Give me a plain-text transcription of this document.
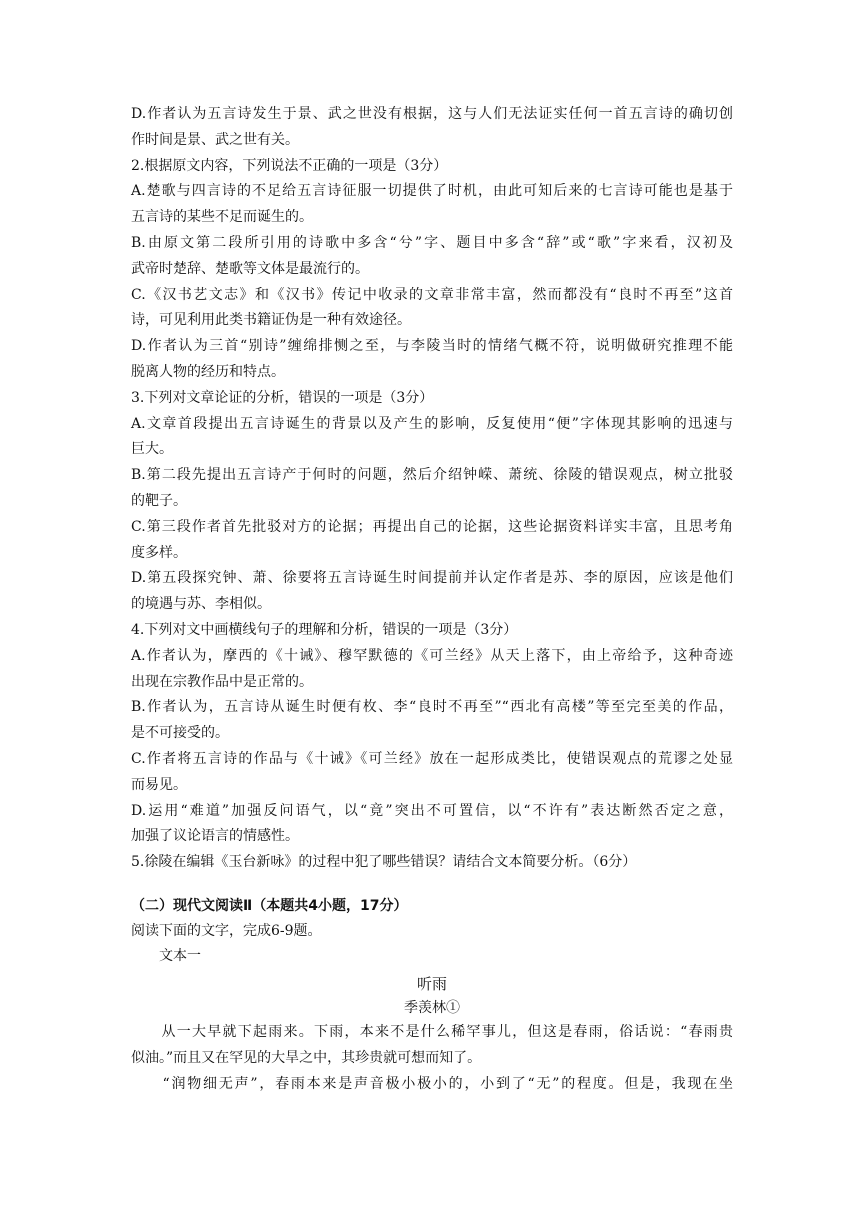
D.作者认为五言诗发生于景、武之世没有根据，这与人们无法证实任何一首五言诗的确切创
作时间是景、武之世有关。
2.根据原文内容，下列说法不正确的一项是（3分）
A.楚歌与四言诗的不足给五言诗征服一切提供了时机，由此可知后来的七言诗可能也是基于
五言诗的某些不足而诞生的。
B.由原文第二段所引用的诗歌中多含“兮”字、题目中多含“辞”或“歌”字来看，汉初及
武帝时楚辞、楚歌等文体是最流行的。
C.《汉书艺文志》和《汉书》传记中收录的文章非常丰富，然而都没有“良时不再至”这首
诗，可见利用此类书籍证伪是一种有效途径。
D.作者认为三首“别诗”缠绵排恻之至，与李陵当时的情绪气概不符，说明做研究推理不能
脱离人物的经历和特点。
3.下列对文章论证的分析，错误的一项是（3分）
A.文章首段提出五言诗诞生的背景以及产生的影响，反复使用“便”字体现其影响的迅速与
巨大。
B.第二段先提出五言诗产于何时的问题，然后介绍钟嵘、萧统、徐陵的错误观点，树立批驳
的靶子。
C.第三段作者首先批驳对方的论据；再提出自己的论据，这些论据资料详实丰富，且思考角
度多样。
D.第五段探究钟、萧、徐要将五言诗诞生时间提前并认定作者是苏、李的原因，应该是他们
的境遇与苏、李相似。
4.下列对文中画横线句子的理解和分析，错误的一项是（3分）
A.作者认为，摩西的《十诫》、穆罕默德的《可兰经》从天上落下，由上帝给予，这种奇迹
出现在宗教作品中是正常的。
B.作者认为，五言诗从诞生时便有枚、李“良时不再至”“西北有高楼”等至完至美的作品，
是不可接受的。
C.作者将五言诗的作品与《十诫》《可兰经》放在一起形成类比，使错误观点的荒谬之处显
而易见。
D.运用“难道”加强反问语气，以“竟”突出不可置信，以“不许有”表达断然否定之意，
加强了议论语言的情感性。
5.徐陵在编辑《玉台新咏》的过程中犯了哪些错误？请结合文本简要分析。（6分）
（二）现代文阅读Ⅱ（本题共4小题，17分）
阅读下面的文字，完成6-9题。
文本一
听雨
季羡林①
　　从一大早就下起雨来。下雨，本来不是什么稀罕事儿，但这是春雨，俗话说：“春雨贵
似油。”而且又在罕见的大旱之中，其珍贵就可想而知了。
　　“润物细无声”，春雨本来是声音极小极小的，小到了“无”的程度。但是，我现在坐
